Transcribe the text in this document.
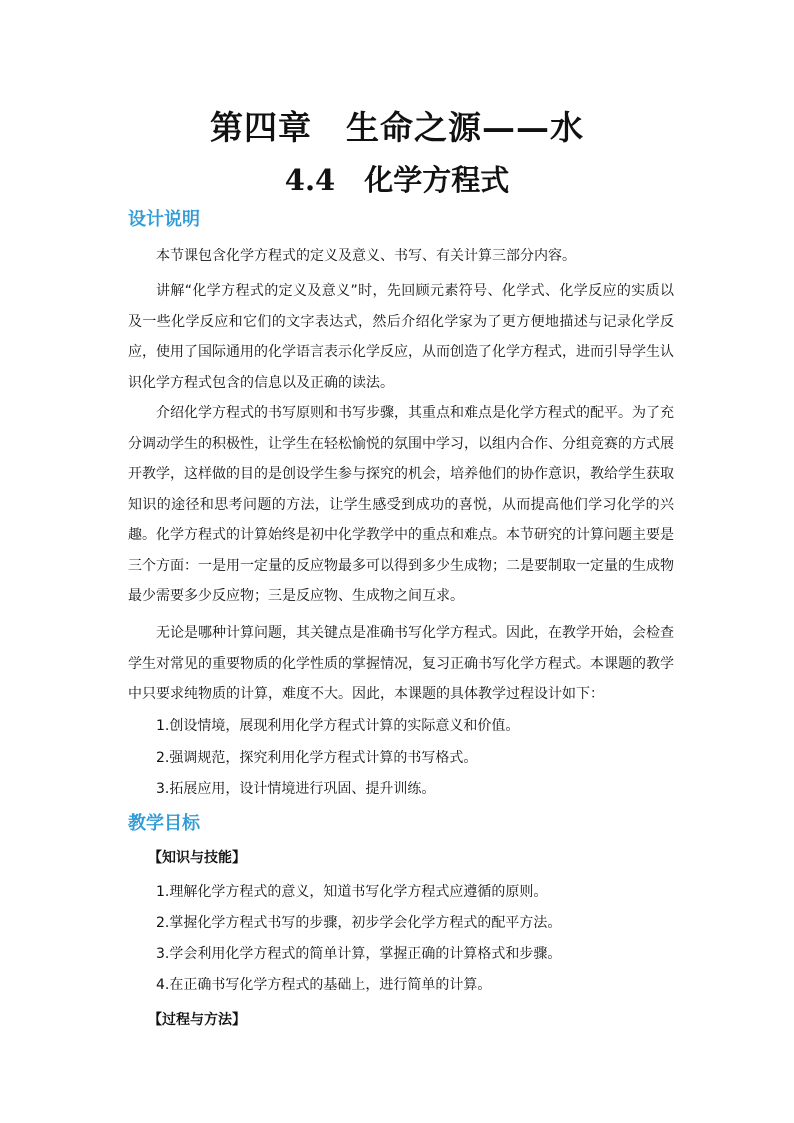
第四章　生命之源——水
4.4　化学方程式
设计说明

本节课包含化学方程式的定义及意义、书写、有关计算三部分内容。

讲解“化学方程式的定义及意义”时，先回顾元素符号、化学式、化学反应的实质以及一些化学反应和它们的文字表达式，然后介绍化学家为了更方便地描述与记录化学反应，使用了国际通用的化学语言表示化学反应，从而创造了化学方程式，进而引导学生认识化学方程式包含的信息以及正确的读法。

介绍化学方程式的书写原则和书写步骤，其重点和难点是化学方程式的配平。为了充分调动学生的积极性，让学生在轻松愉悦的氛围中学习，以组内合作、分组竞赛的方式展开教学，这样做的目的是创设学生参与探究的机会，培养他们的协作意识，教给学生获取知识的途径和思考问题的方法，让学生感受到成功的喜悦，从而提高他们学习化学的兴趣。 化学方程式的计算始终是初中化学教学中的重点和难点。本节研究的计算问题主要是三个方面：一是用一定量的反应物最多可以得到多少生成物；二是要制取一定量的生成物最少需要多少反应物；三是反应物、生成物之间互求。

无论是哪种计算问题，其关键点是准确书写化学方程式。因此，在教学开始，会检查学生对常见的重要物质的化学性质的掌握情况，复习正确书写化学方程式。本课题的教学中只要求纯物质的计算，难度不大。因此，本课题的具体教学过程设计如下：

1.创设情境，展现利用化学方程式计算的实际意义和价值。

2.强调规范，探究利用化学方程式计算的书写格式。

3.拓展应用，设计情境进行巩固、提升训练。

教学目标

【知识与技能】

1.理解化学方程式的意义，知道书写化学方程式应遵循的原则。

2.掌握化学方程式书写的步骤，初步学会化学方程式的配平方法。

3.学会利用化学方程式的简单计算，掌握正确的计算格式和步骤。

4.在正确书写化学方程式的基础上，进行简单的计算。

【过程与方法】
